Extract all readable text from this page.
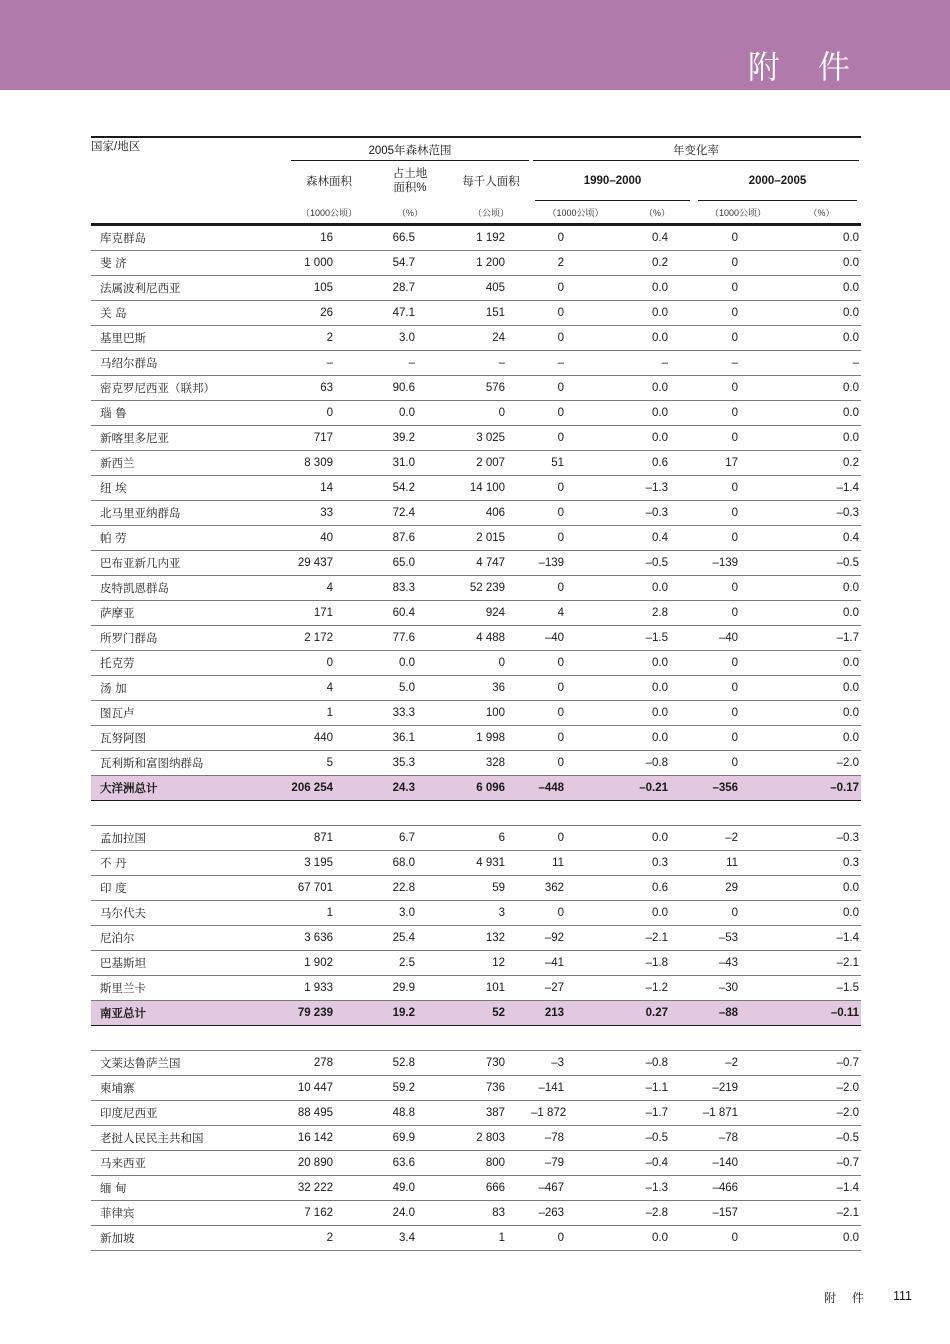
附 件
国家/地区	2005年森林范围			年变化率			
	森林面积	占土地面积%	每千人面积	1990–2000		2000–2005	
	（1000公顷）	（%）	（公顷）	（1000公顷）	（%）	（1000公顷）	（%）
库克群岛	16	66.5	1 192	0	0.4	0	0.0
斐 济	1 000	54.7	1 200	2	0.2	0	0.0
法属波利尼西亚	105	28.7	405	0	0.0	0	0.0
关 岛	26	47.1	151	0	0.0	0	0.0
基里巴斯	2	3.0	24	0	0.0	0	0.0
马绍尔群岛	–	–	–	–	–	–	–
密克罗尼西亚（联邦）	63	90.6	576	0	0.0	0	0.0
瑙 鲁	0	0.0	0	0	0.0	0	0.0
新喀里多尼亚	717	39.2	3 025	0	0.0	0	0.0
新西兰	8 309	31.0	2 007	51	0.6	17	0.2
纽 埃	14	54.2	14 100	0	–1.3	0	–1.4
北马里亚纳群岛	33	72.4	406	0	–0.3	0	–0.3
帕 劳	40	87.6	2 015	0	0.4	0	0.4
巴布亚新几内亚	29 437	65.0	4 747	–139	–0.5	–139	–0.5
皮特凯恩群岛	4	83.3	52 239	0	0.0	0	0.0
萨摩亚	171	60.4	924	4	2.8	0	0.0
所罗门群岛	2 172	77.6	4 488	–40	–1.5	–40	–1.7
托克劳	0	0.0	0	0	0.0	0	0.0
汤 加	4	5.0	36	0	0.0	0	0.0
图瓦卢	1	33.3	100	0	0.0	0	0.0
瓦努阿图	440	36.1	1 998	0	0.0	0	0.0
瓦利斯和富图纳群岛	5	35.3	328	0	–0.8	0	–2.0
大洋洲总计	206 254	24.3	6 096	–448	–0.21	–356	–0.17

孟加拉国	871	6.7	6	0	0.0	–2	–0.3
不 丹	3 195	68.0	4 931	11	0.3	11	0.3
印 度	67 701	22.8	59	362	0.6	29	0.0
马尔代夫	1	3.0	3	0	0.0	0	0.0
尼泊尔	3 636	25.4	132	–92	–2.1	–53	–1.4
巴基斯坦	1 902	2.5	12	–41	–1.8	–43	–2.1
斯里兰卡	1 933	29.9	101	–27	–1.2	–30	–1.5
南亚总计	79 239	19.2	52	213	0.27	–88	–0.11

文莱达鲁萨兰国	278	52.8	730	–3	–0.8	–2	–0.7
柬埔寨	10 447	59.2	736	–141	–1.1	–219	–2.0
印度尼西亚	88 495	48.8	387	–1 872	–1.7	–1 871	–2.0
老挝人民民主共和国	16 142	69.9	2 803	–78	–0.5	–78	–0.5
马来西亚	20 890	63.6	800	–79	–0.4	–140	–0.7
缅 甸	32 222	49.0	666	–467	–1.3	–466	–1.4
菲律宾	7 162	24.0	83	–263	–2.8	–157	–2.1
新加坡	2	3.4	1	0	0.0	0	0.0
附 件 111
